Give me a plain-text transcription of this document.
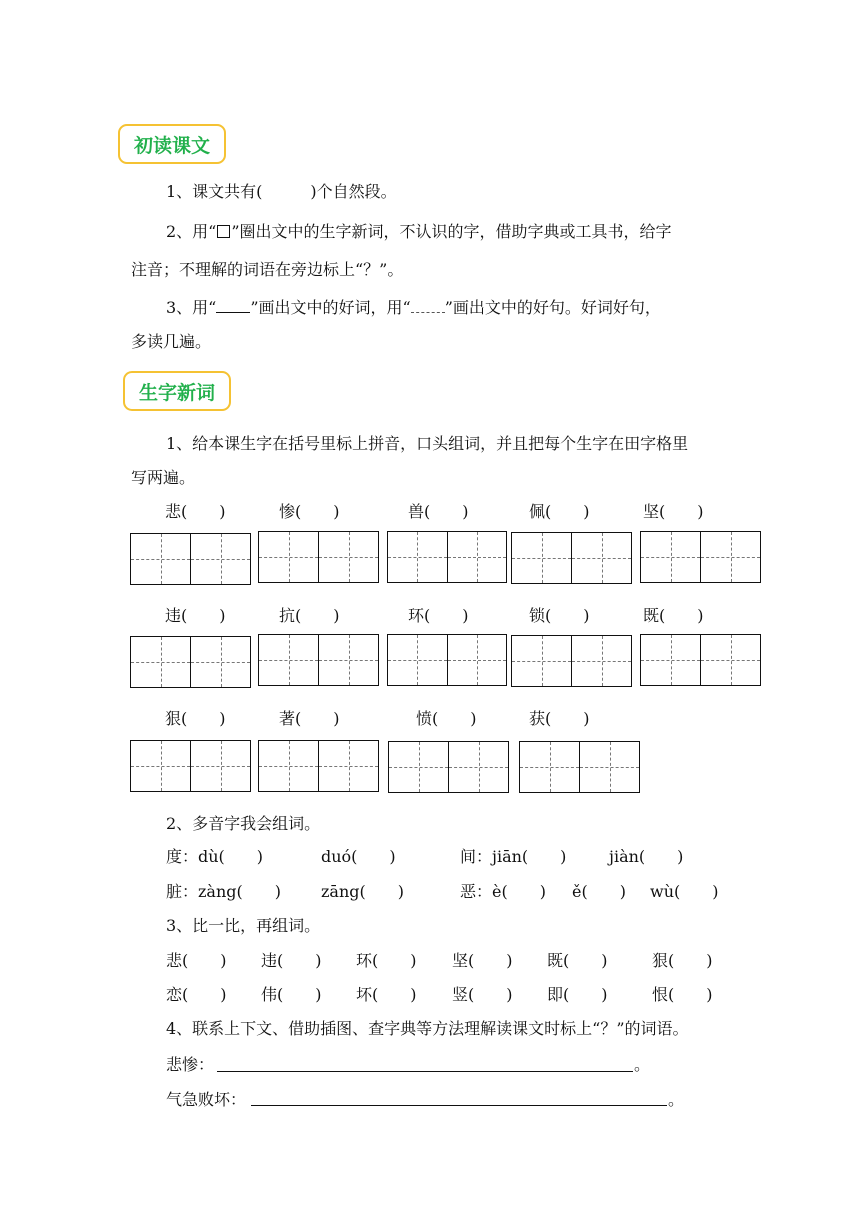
初读课文
1、课文共有(　　　)个自然段。
2、用“ ”圈出文中的生字新词，不认识的字，借助字典或工具书，给字
注音；不理解的词语在旁边标上“？”。
3、用“ ”画出文中的好词，用“ ”画出文中的好句。好词好句，
多读几遍。
生字新词
1、给本课生字在括号里标上拼音，口头组词，并且把每个生字在田字格里
写两遍。
悲(　　)	惨(　　)	兽(　　)	佩(　　)	坚(　　)
违(　　)	抗(　　)	环(　　)	锁(　　)	既(　　)
狠(　　)	著(　　)	愤(　　)	获(　　)
2、多音字我会组词。
度：dù(　　)	duó(　　)	间：jiān(　　)	jiàn(　　)
脏：zàng(　　) zāng(　　)	恶：è(　　) ě(　　) wù(　　)
3、比一比，再组词。
悲(　　) 违(　　) 环(　　) 坚(　　) 既(　　)	狠(　　)
恋(　　) 伟(　　) 坏(　　) 竖(　　) 即(　　)	恨(　　)
4、联系上下文、借助插图、查字典等方法理解读课文时标上“？”的词语。
悲惨：	。
气急败坏：	。
